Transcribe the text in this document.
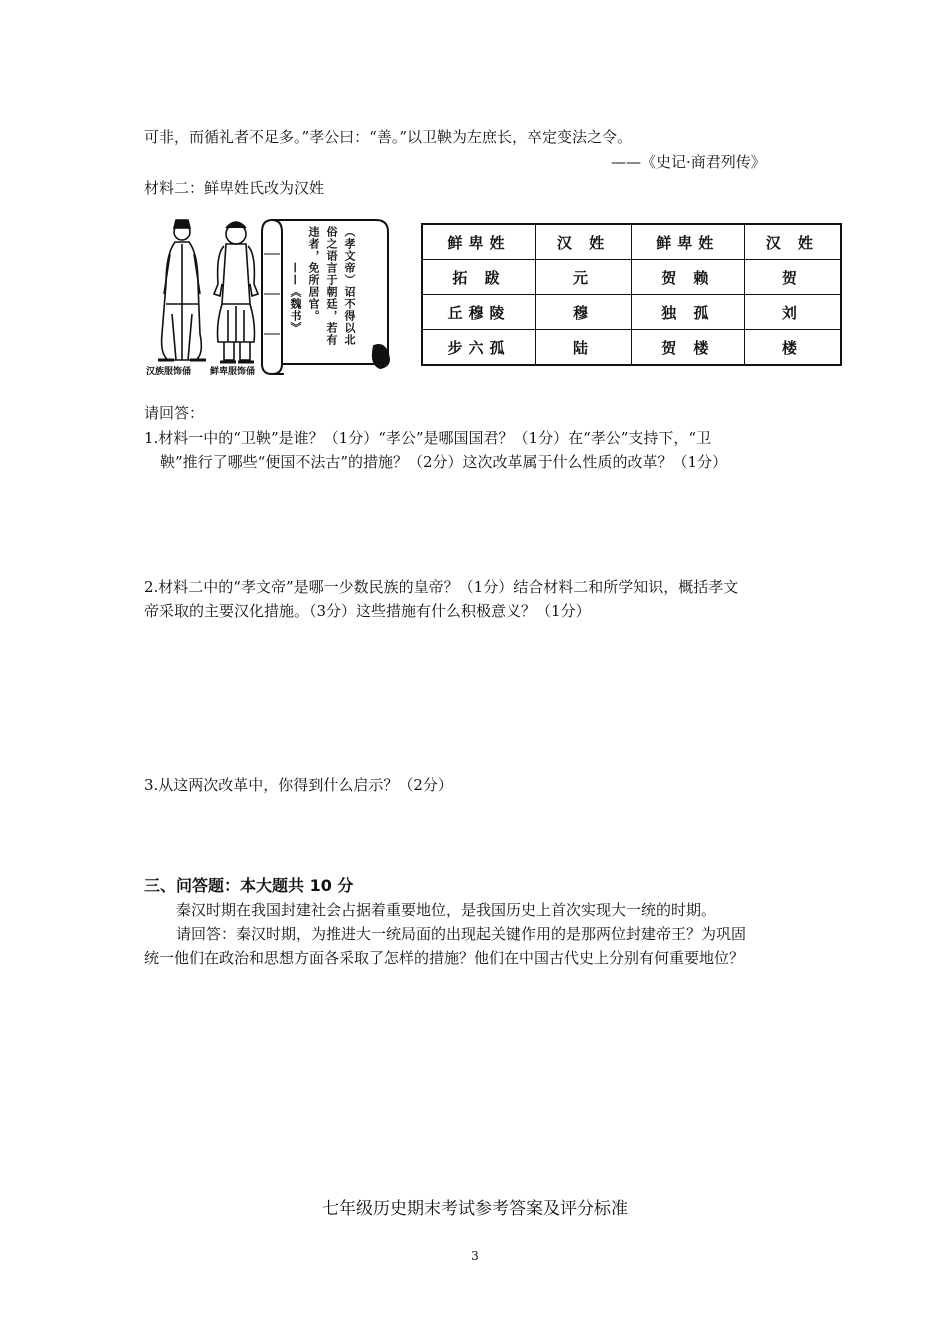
可非，而循礼者不足多。”孝公曰：“善。”以卫鞅为左庶长，卒定变法之令。
——《史记·商君列传》
材料二：鲜卑姓氏改为汉姓
（孝文帝）诏不得以北
俗之语言于朝廷，若有
违者，免所居官。
——《魏书》
汉族服饰俑 鲜卑服饰俑
鲜卑姓	汉 姓	鲜卑姓	汉 姓
拓 跋	元	贺 赖	贺
丘穆陵	穆	独 孤	刘
步六孤	陆	贺 楼	楼
请回答：
1.材料一中的“卫鞅”是谁？（1分）“孝公”是哪国国君？（1分）在“孝公”支持下，“卫
鞅”推行了哪些“便国不法古”的措施？（2分）这次改革属于什么性质的改革？（1分）
2.材料二中的“孝文帝”是哪一少数民族的皇帝？（1分）结合材料二和所学知识，概括孝文
帝采取的主要汉化措施。（3分）这些措施有什么积极意义？（1分）
3.从这两次改革中，你得到什么启示？（2分）
三、问答题：本大题共 10 分
秦汉时期在我国封建社会占据着重要地位，是我国历史上首次实现大一统的时期。
请回答：秦汉时期，为推进大一统局面的出现起关键作用的是那两位封建帝王？为巩固
统一他们在政治和思想方面各采取了怎样的措施？他们在中国古代史上分别有何重要地位？
七年级历史期末考试参考答案及评分标准
3
